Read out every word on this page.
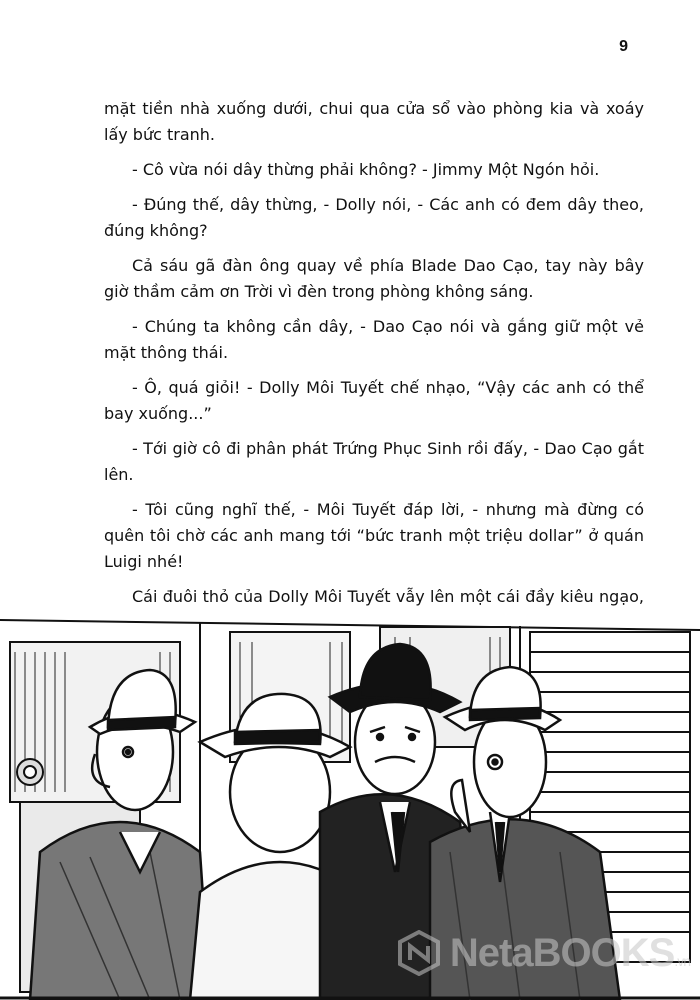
9

mặt tiền nhà xuống dưới, chui qua cửa sổ vào phòng kia và xoáy lấy bức tranh.

- Cô vừa nói dây thừng phải không? - Jimmy Một Ngón hỏi.

- Đúng thế, dây thừng, - Dolly nói, - Các anh có đem dây theo, đúng không?

Cả sáu gã đàn ông quay về phía Blade Dao Cạo, tay này bây giờ thầm cảm ơn Trời vì đèn trong phòng không sáng.

- Chúng ta không cần dây, - Dao Cạo nói và gắng giữ một vẻ mặt thông thái.

- Ô, quá giỏi! - Dolly Môi Tuyết chế nhạo, “Vậy các anh có thể bay xuống...”

- Tới giờ cô đi phân phát Trứng Phục Sinh rồi đấy, - Dao Cạo gắt lên.

- Tôi cũng nghĩ thế, - Môi Tuyết đáp lời, - nhưng mà đừng có quên tôi chờ các anh mang tới “bức tranh một triệu dollar” ở quán Luigi nhé!

Cái đuôi thỏ của Dolly Môi Tuyết vẫy lên một cái đầy kiêu ngạo,

NetaBOOKS.vn
